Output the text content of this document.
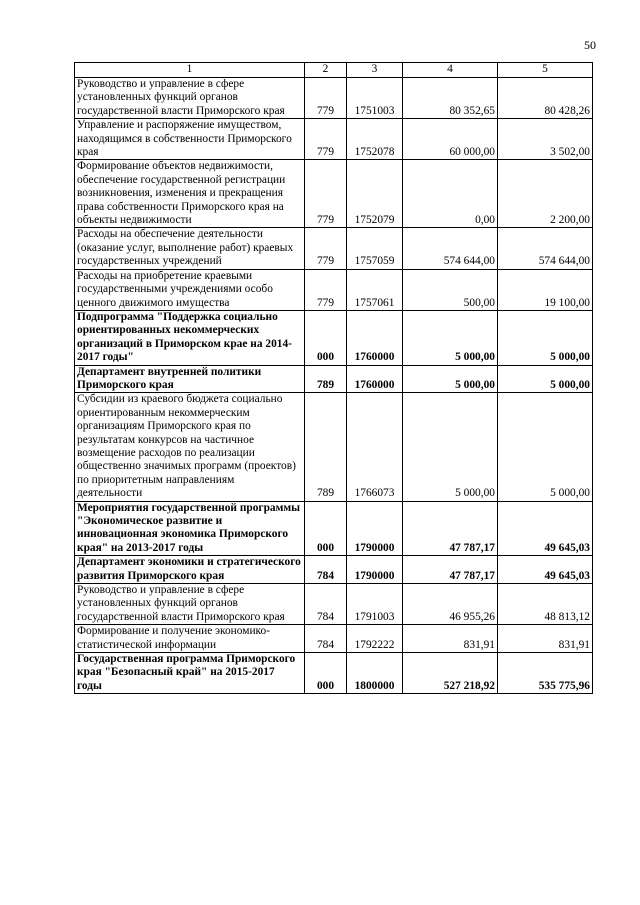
50
1	2	3	4	5
Руководство и управление в сфере установленных функций органов государственной власти Приморского края	779	1751003	80 352,65	80 428,26
Управление и распоряжение имуществом, находящимся в собственности Приморского края	779	1752078	60 000,00	3 502,00
Формирование объектов недвижимости, обеспечение государственной регистрации возникновения, изменения и прекращения права собственности Приморского края на объекты недвижимости	779	1752079	0,00	2 200,00
Расходы на обеспечение деятельности (оказание услуг, выполнение работ) краевых государственных учреждений	779	1757059	574 644,00	574 644,00
Расходы на приобретение краевыми государственными учреждениями особо ценного движимого имущества	779	1757061	500,00	19 100,00
Подпрограмма "Поддержка социально ориентированных некоммерческих организаций в Приморском крае на 2014-2017 годы"	000	1760000	5 000,00	5 000,00
Департамент внутренней политики Приморского края	789	1760000	5 000,00	5 000,00
Субсидии из краевого бюджета социально ориентированным некоммерческим организациям Приморского края по результатам конкурсов на частичное возмещение расходов по реализации общественно значимых программ (проектов) по приоритетным направлениям деятельности	789	1766073	5 000,00	5 000,00
Мероприятия государственной программы "Экономическое развитие и инновационная экономика Приморского края" на 2013-2017 годы	000	1790000	47 787,17	49 645,03
Департамент экономики и стратегического развития Приморского края	784	1790000	47 787,17	49 645,03
Руководство и управление в сфере установленных функций органов государственной власти Приморского края	784	1791003	46 955,26	48 813,12
Формирование и получение экономико-статистической информации	784	1792222	831,91	831,91
Государственная программа Приморского края "Безопасный край" на 2015-2017 годы	000	1800000	527 218,92	535 775,96
